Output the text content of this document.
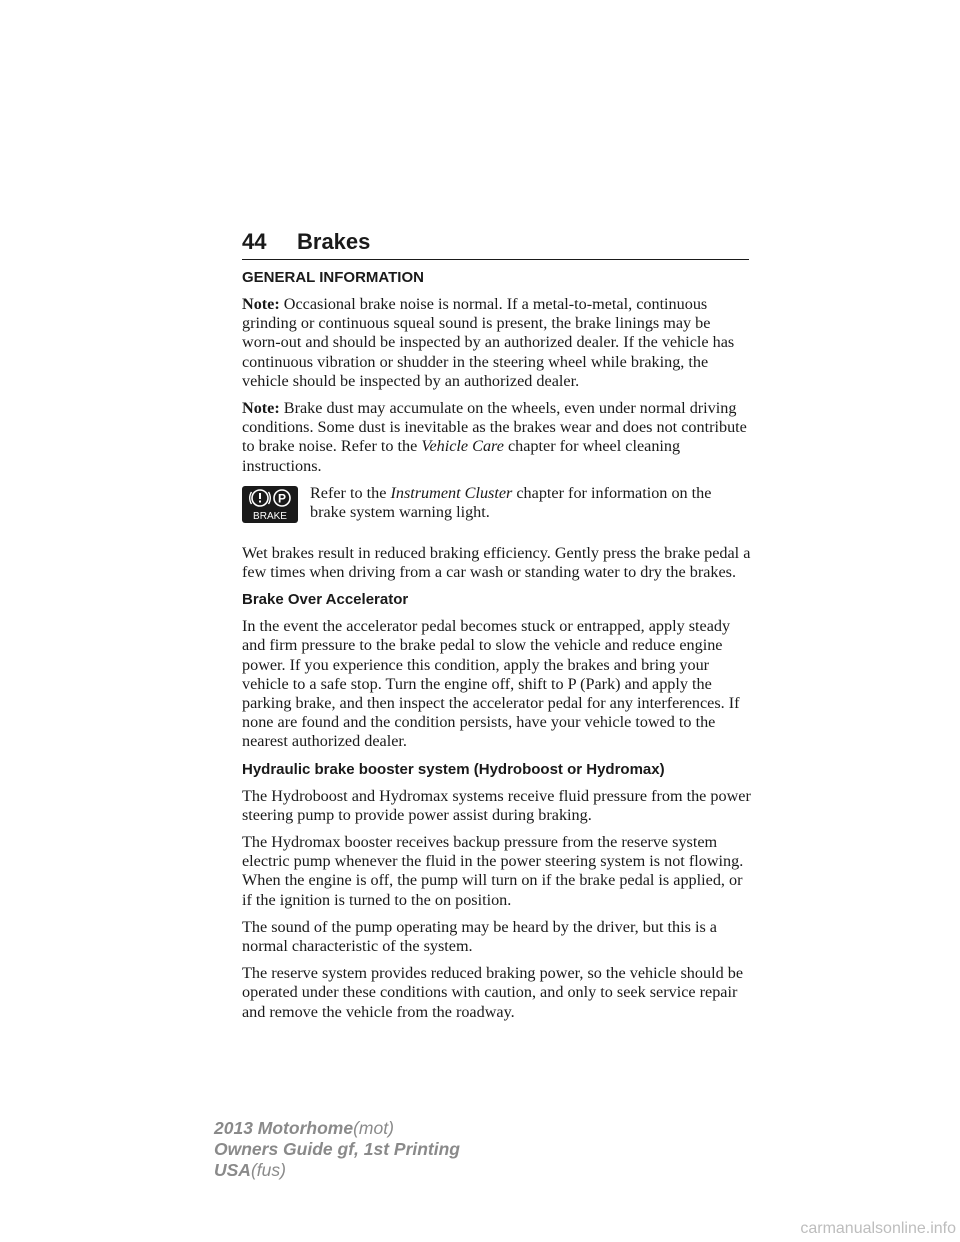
44 Brakes
GENERAL INFORMATION

Note: Occasional brake noise is normal. If a metal-to-metal, continuous grinding or continuous squeal sound is present, the brake linings may be worn-out and should be inspected by an authorized dealer. If the vehicle has continuous vibration or shudder in the steering wheel while braking, the vehicle should be inspected by an authorized dealer.

Note: Brake dust may accumulate on the wheels, even under normal driving conditions. Some dust is inevitable as the brakes wear and does not contribute to brake noise. Refer to the Vehicle Care chapter for wheel cleaning instructions.

P
BRAKE
Refer to the Instrument Cluster chapter for information on the brake system warning light.

Wet brakes result in reduced braking efficiency. Gently press the brake pedal a few times when driving from a car wash or standing water to dry the brakes.

Brake Over Accelerator

In the event the accelerator pedal becomes stuck or entrapped, apply steady and firm pressure to the brake pedal to slow the vehicle and reduce engine power. If you experience this condition, apply the brakes and bring your vehicle to a safe stop. Turn the engine off, shift to P (Park) and apply the parking brake, and then inspect the accelerator pedal for any interferences. If none are found and the condition persists, have your vehicle towed to the nearest authorized dealer.

Hydraulic brake booster system (Hydroboost or Hydromax)

The Hydroboost and Hydromax systems receive fluid pressure from the power steering pump to provide power assist during braking.

The Hydromax booster receives backup pressure from the reserve system electric pump whenever the fluid in the power steering system is not flowing. When the engine is off, the pump will turn on if the brake pedal is applied, or if the ignition is turned to the on position.

The sound of the pump operating may be heard by the driver, but this is a normal characteristic of the system.

The reserve system provides reduced braking power, so the vehicle should be operated under these conditions with caution, and only to seek service repair and remove the vehicle from the roadway.

2013 Motorhome(mot)
Owners Guide gf, 1st Printing
USA(fus)
carmanualsonline.info
